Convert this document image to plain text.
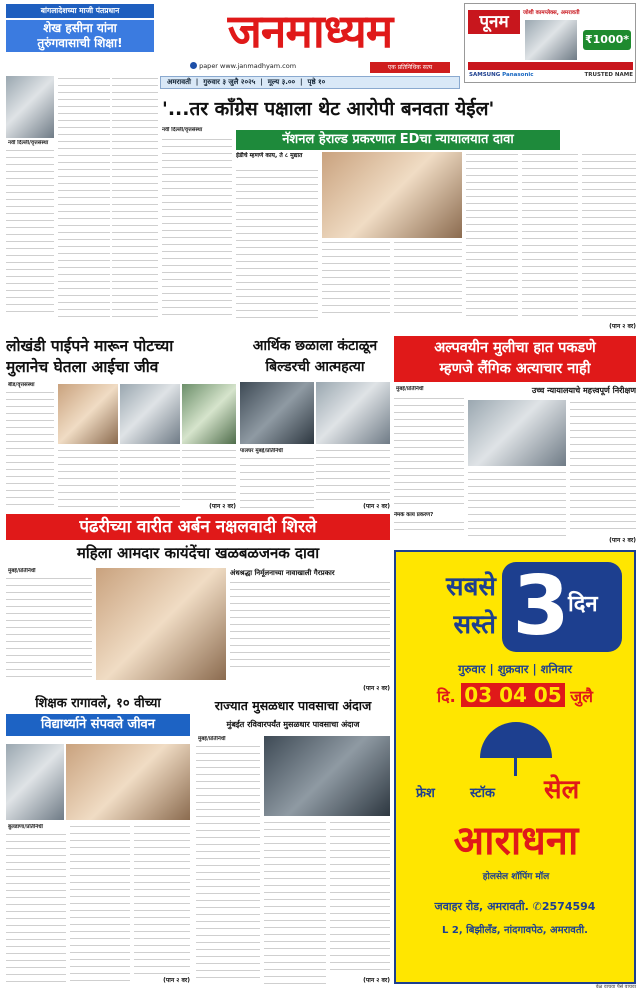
बांगलादेशच्या माजी पंतप्रधान
शेख हसीना यांना
तुरुंगवासाची शिक्षा!	जनमाध्यम
paper www.janmadhyam.com	एक प्रतिनिधिक सत्य
पूनम	जोशी कामप्लेक्स, अमरावती
₹1000*
SAMSUNG Panasonic	TRUSTED NAME
अमरावती  |  गुरुवार ३ जुलै २०२५  |  मूल्य ३.००  |  पृष्ठे १०
नवी दिल्ली/वृत्तसंस्था
'...तर काँग्रेस पक्षाला थेट आरोपी बनवता येईल'
नॅशनल हेराल्ड प्रकरणात EDचा न्यायालयात दावा
नवी दिल्ली/वृत्तसंस्था
ईडीचे म्हणणे काय, ते ८ मुद्यात
(पान २ वर)
लोखंडी पाईपने मारून पोटच्या
मुलानेच घेतला आईचा जीव
बीड/वृत्तसंस्था
(पान २ वर)
आर्थिक छळाला कंटाळून
बिल्डरची आत्महत्या
पालघर मुंबई/प्रतिनिधी
(पान २ वर)
अल्पवयीन मुलीचा हात पकडणे
म्हणजे लैंगिक अत्याचार नाही
उच्च न्यायालयाचे महत्त्वपूर्ण निरीक्षण
मुंबई/प्रतिनिधी
नेमकं काय प्रकरण?
(पान २ वर)
पंढरीच्या वारीत अर्बन नक्षलवादी शिरले
महिला आमदार कायंदेंचा खळबळजनक दावा
मुंबई/प्रतिनिधी	अंधश्रद्धा निर्मूलनाच्या नावाखाली गैरप्रकार
(पान २ वर)
सबसे
सस्ते 3
दिन
गुरुवार | शुक्रवार | शनिवार
दि. 03 04 05 जुलै
फ्रेश	स्टॉक	सेल
आराधना
होलसेल शॉपिंग मॉल
जवाहर रोड, अमरावती. ✆2574594
L 2, बिझीलँड, नांदगावपेठ, अमरावती.
शिक्षक रागावले, १० वीच्या
विद्यार्थ्याने संपवले जीवन
बुलडाणा/प्रतिनिधी
(पान २ वर)
राज्यात मुसळधार पावसाचा अंदाज
मुंबईत रविवारपर्यंत मुसळधार पावसाचा अंदाज
मुंबई/प्रतिनिधी
(पान २ वर)
वेळ वाचवा पैसे वाचवा
